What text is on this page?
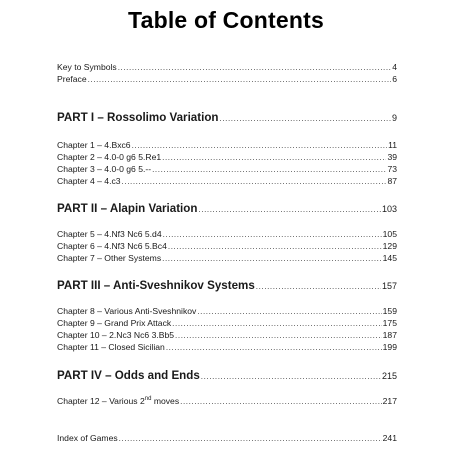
Table of Contents
Key to Symbols .....	4
Preface .....	6
PART I – Rossolimo Variation .....	9
Chapter 1 – 4.Bxc6 .....	11
Chapter 2 – 4.0-0 g6 5.Re1 .....	39
Chapter 3 – 4.0-0 g6 5.-- .....	73
Chapter 4 – 4.c3 .....	87
PART II – Alapin Variation .....	103
Chapter 5 – 4.Nf3 Nc6 5.d4 .....	105
Chapter 6 – 4.Nf3 Nc6 5.Bc4 .....	129
Chapter 7 – Other Systems .....	145
PART III – Anti-Sveshnikov Systems .....	157
Chapter 8 – Various Anti-Sveshnikov .....	159
Chapter 9 – Grand Prix Attack .....	175
Chapter 10 – 2.Nc3 Nc6 3.Bb5 .....	187
Chapter 11 – Closed Sicilian .....	199
PART IV – Odds and Ends .....	215
Chapter 12 – Various 2nd moves .....	217
Index of Games .....	241
